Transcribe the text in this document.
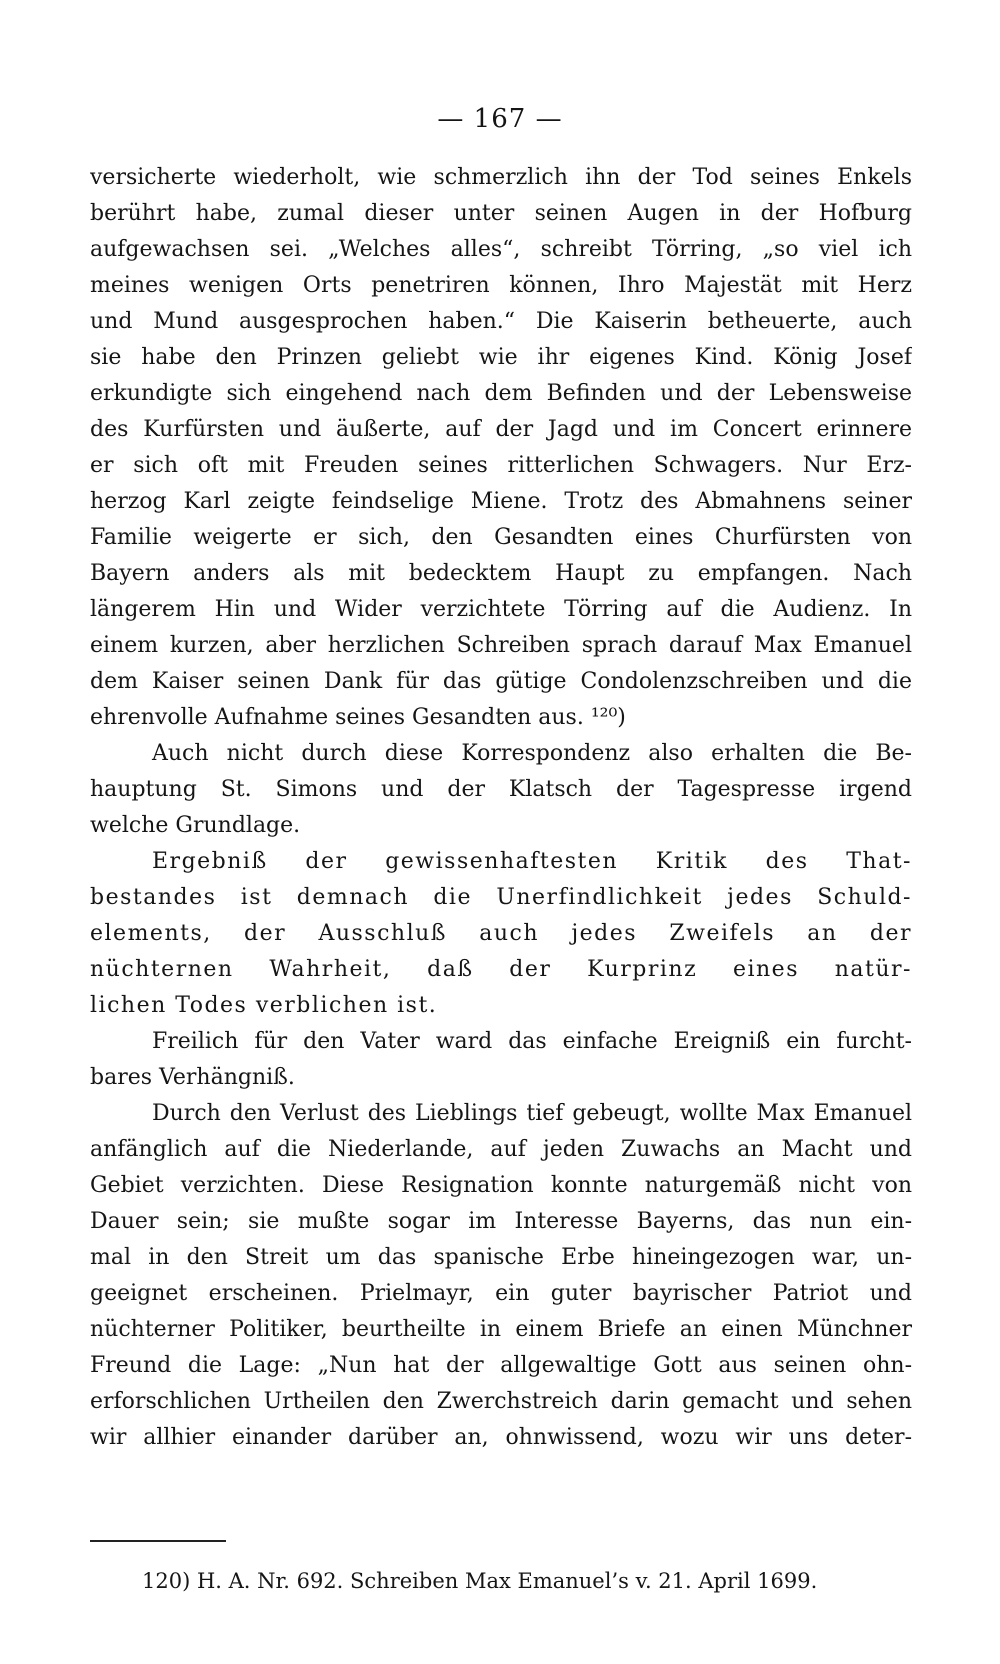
— 167 —
versicherte wiederholt, wie schmerzlich ihn der Tod seines Enkels
berührt habe, zumal dieser unter seinen Augen in der Hofburg
aufgewachsen sei. „Welches alles“, schreibt Törring, „so viel ich
meines wenigen Orts penetriren können, Ihro Majestät mit Herz
und Mund ausgesprochen haben.“ Die Kaiserin betheuerte, auch
sie habe den Prinzen geliebt wie ihr eigenes Kind. König Josef
erkundigte sich eingehend nach dem Befinden und der Lebensweise
des Kurfürsten und äußerte, auf der Jagd und im Concert erinnere
er sich oft mit Freuden seines ritterlichen Schwagers. Nur Erz-
herzog Karl zeigte feindselige Miene. Trotz des Abmahnens seiner
Familie weigerte er sich, den Gesandten eines Churfürsten von
Bayern anders als mit bedecktem Haupt zu empfangen. Nach
längerem Hin und Wider verzichtete Törring auf die Audienz. In
einem kurzen, aber herzlichen Schreiben sprach darauf Max Emanuel
dem Kaiser seinen Dank für das gütige Condolenzschreiben und die
ehrenvolle Aufnahme seines Gesandten aus. ¹²⁰)
Auch nicht durch diese Korrespondenz also erhalten die Be-
hauptung St. Simons und der Klatsch der Tagespresse irgend
welche Grundlage.
Ergebniß der gewissenhaftesten Kritik des That-
bestandes ist demnach die Unerfindlichkeit jedes Schuld-
elements, der Ausschluß auch jedes Zweifels an der
nüchternen Wahrheit, daß der Kurprinz eines natür-
lichen Todes verblichen ist.
Freilich für den Vater ward das einfache Ereigniß ein furcht-
bares Verhängniß.
Durch den Verlust des Lieblings tief gebeugt, wollte Max Emanuel
anfänglich auf die Niederlande, auf jeden Zuwachs an Macht und
Gebiet verzichten. Diese Resignation konnte naturgemäß nicht von
Dauer sein; sie mußte sogar im Interesse Bayerns, das nun ein-
mal in den Streit um das spanische Erbe hineingezogen war, un-
geeignet erscheinen. Prielmayr, ein guter bayrischer Patriot und
nüchterner Politiker, beurtheilte in einem Briefe an einen Münchner
Freund die Lage: „Nun hat der allgewaltige Gott aus seinen ohn-
erforschlichen Urtheilen den Zwerchstreich darin gemacht und sehen
wir allhier einander darüber an, ohnwissend, wozu wir uns deter-
120) H. A. Nr. 692. Schreiben Max Emanuel’s v. 21. April 1699.
